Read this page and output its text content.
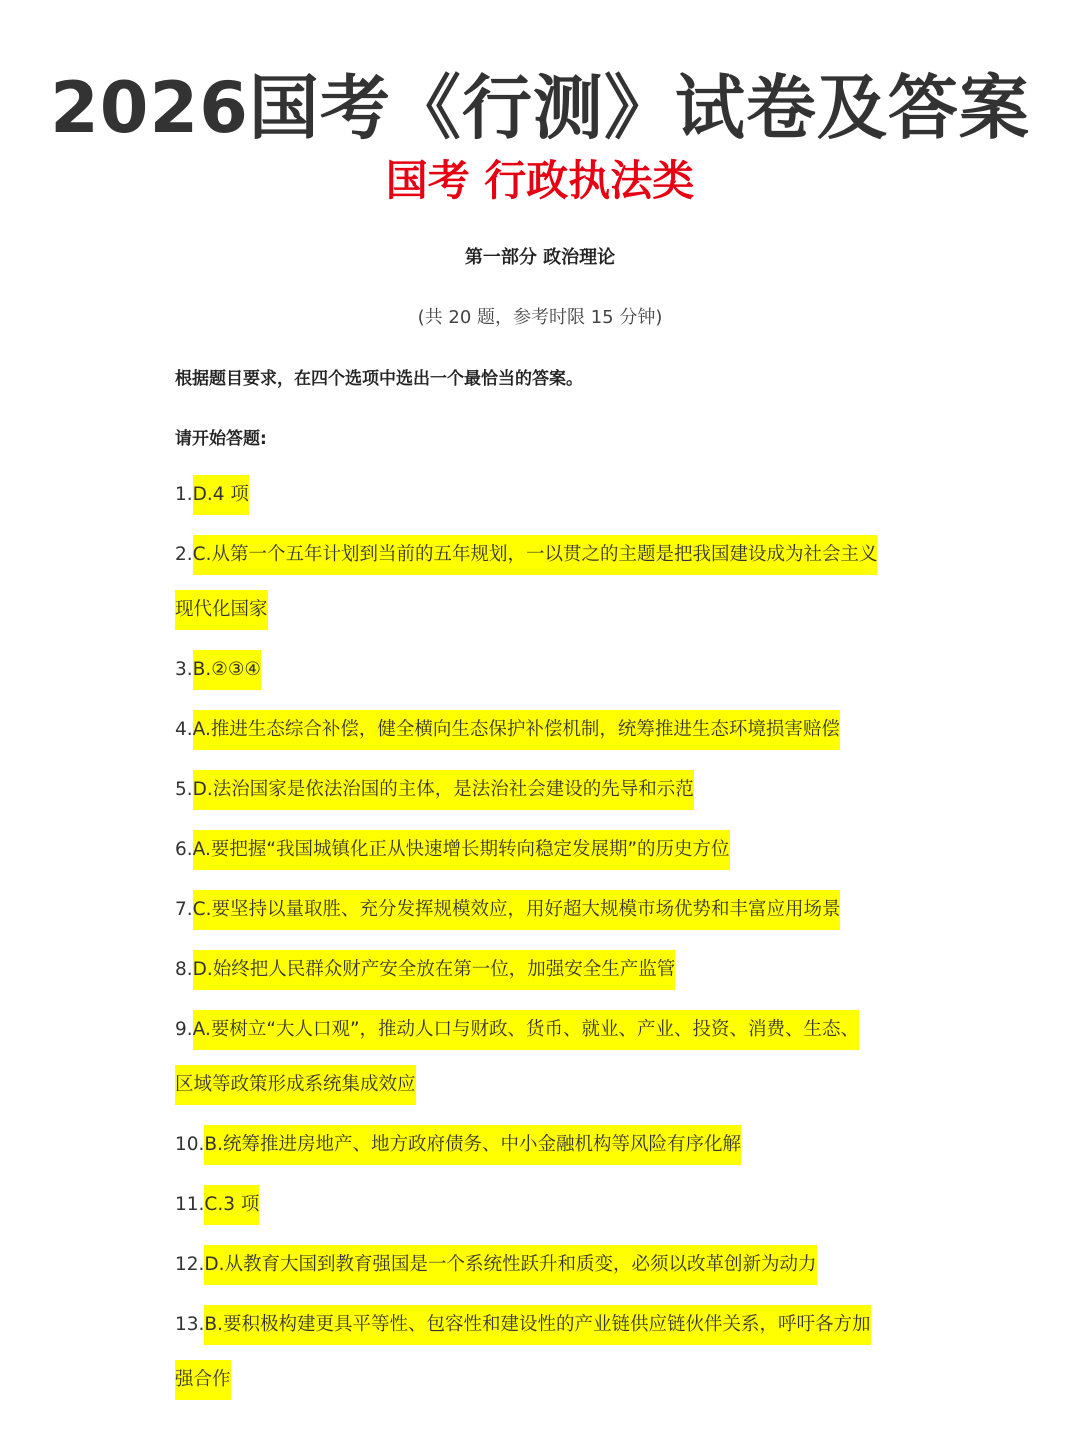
2026国考《行测》试卷及答案
国考 行政执法类
第一部分 政治理论
(共 20 题，参考时限 15 分钟)
根据题目要求，在四个选项中选出一个最恰当的答案。
请开始答题:
1.D.4 项
2.C.从第一个五年计划到当前的五年规划，一以贯之的主题是把我国建设成为社会主义
现代化国家
3.B.②③④
4.A.推进生态综合补偿，健全横向生态保护补偿机制，统筹推进生态环境损害赔偿
5.D.法治国家是依法治国的主体，是法治社会建设的先导和示范
6.A.要把握“我国城镇化正从快速增长期转向稳定发展期”的历史方位
7.C.要坚持以量取胜、充分发挥规模效应，用好超大规模市场优势和丰富应用场景
8.D.始终把人民群众财产安全放在第一位，加强安全生产监管
9.A.要树立“大人口观”，推动人口与财政、货币、就业、产业、投资、消费、生态、
区域等政策形成系统集成效应
10.B.统筹推进房地产、地方政府债务、中小金融机构等风险有序化解
11.C.3 项
12.D.从教育大国到教育强国是一个系统性跃升和质变，必须以改革创新为动力
13.B.要积极构建更具平等性、包容性和建设性的产业链供应链伙伴关系，呼吁各方加
强合作
